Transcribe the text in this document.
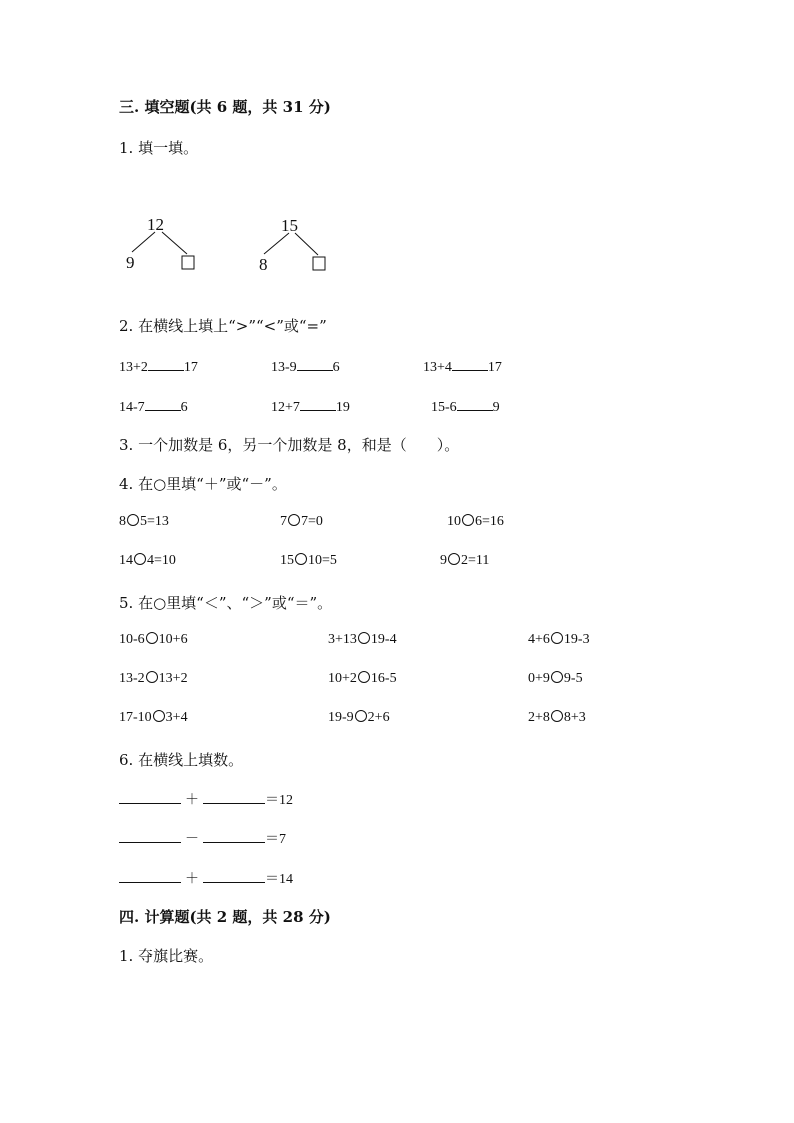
三. 填空题(共 6 题，共 31 分)
1. 填一填。
12
9
15
8
2. 在横线上填上“>”“<”或“=”
13+2	17	13-9	6	13+4	17
14-7	6	12+7	19	15-6	9
3. 一个加数是 6，另一个加数是 8，和是（　　）。
4. 在○里填“＋”或“－”。
8 5=13	7 7=0	10 6=16
14 4=10	15 10=5	9 2=11
5. 在○里填“＜”、“＞”或“＝”。
10-6 10+6	3+13 19-4	4+6 19-3
13-2 13+2	10+2 16-5	0+9 9-5
17-10 3+4	19-9 2+6	2+8 8+3
6. 在横线上填数。
＋	＝12
－	＝7
＋	＝14
四. 计算题(共 2 题，共 28 分)
1. 夺旗比赛。
